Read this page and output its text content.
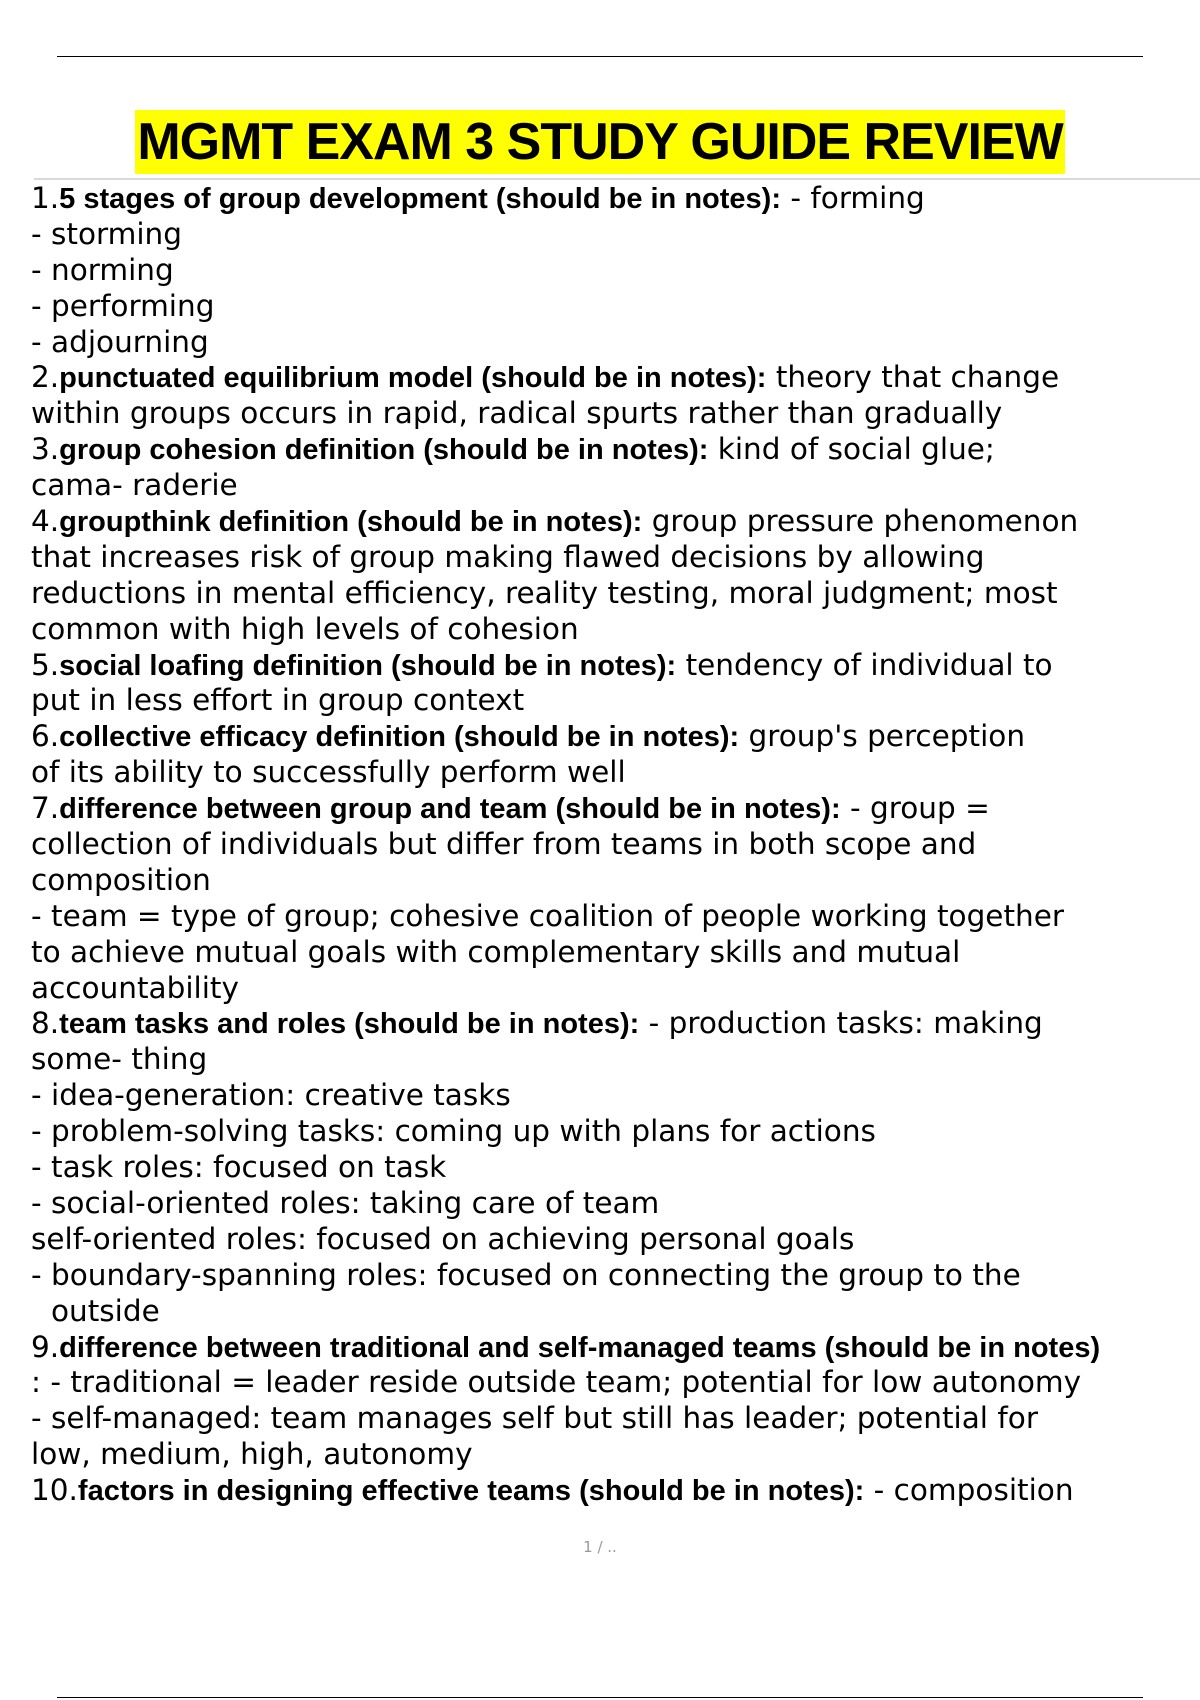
MGMT EXAM 3 STUDY GUIDE REVIEW
1.5 stages of group development (should be in notes): - forming
- storming
- norming
- performing
- adjourning
2.punctuated equilibrium model (should be in notes): theory that change
within groups occurs in rapid, radical spurts rather than gradually
3.group cohesion definition (should be in notes): kind of social glue;
cama- raderie
4.groupthink definition (should be in notes): group pressure phenomenon
that increases risk of group making flawed decisions by allowing
reductions in mental efficiency, reality testing, moral judgment; most
common with high levels of cohesion
5.social loafing definition (should be in notes): tendency of individual to
put in less effort in group context
6.collective efficacy definition (should be in notes): group's perception
of its ability to successfully perform well
7.difference between group and team (should be in notes): - group =
collection of individuals but differ from teams in both scope and
composition
- team = type of group; cohesive coalition of people working together
to achieve mutual goals with complementary skills and mutual
accountability
8.team tasks and roles (should be in notes): - production tasks: making
some- thing
- idea-generation: creative tasks
- problem-solving tasks: coming up with plans for actions
- task roles: focused on task
- social-oriented roles: taking care of team
self-oriented roles: focused on achieving personal goals
- boundary-spanning roles: focused on connecting the group to the
outside
9.difference between traditional and self-managed teams (should be in notes)
: - traditional = leader reside outside team; potential for low autonomy
- self-managed: team manages self but still has leader; potential for
low, medium, high, autonomy
10.factors in designing effective teams (should be in notes): - composition
1 / ..
